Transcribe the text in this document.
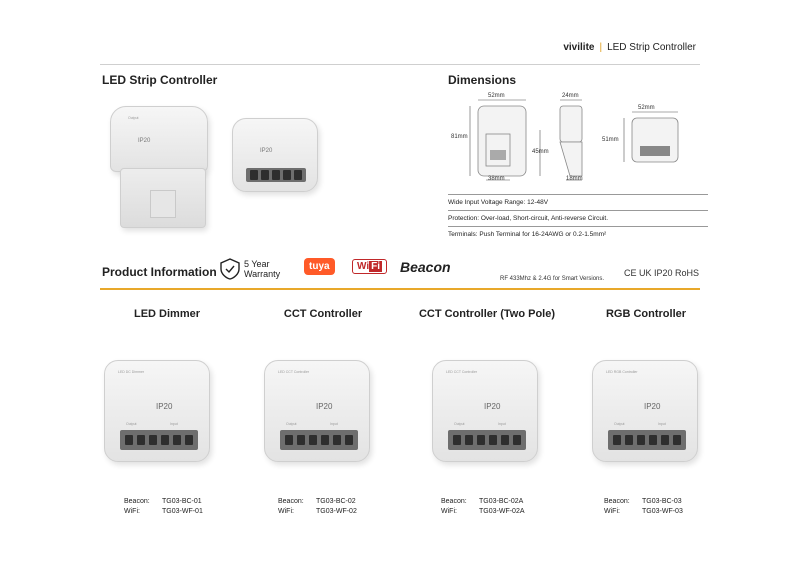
vivilite | LED Strip Controller
LED Strip Controller
Output
IP20
IP20
Dimensions
52mm	24mm
81mm
45mm
38mm	18mm
52mm
51mm
Wide Input Voltage Range: 12-48V
Protection: Over-load, Short-circuit, Anti-reverse Circuit.
Terminals: Push Terminal for 16-24AWG or 0.2-1.5mm²
Product Information
5 Year
Warranty
tuya	Wi Fi	Beacon
RF 433Mhz & 2.4G for Smart Versions.
CE UK IP20 RoHS
LED Dimmer	CCT Controller	CCT Controller (Two Pole)	RGB Controller
LED DC Dimmer
IP20
Output	Input
LED CCT Controller
IP20
Output	Input
LED CCT Controller
IP20
Output	Input
LED RGB Controller
IP20
Output	Input
Beacon: TG03-BC-01
WiFi:	TG03-WF-01
Beacon: TG03-BC-02
WiFi:	TG03-WF-02
Beacon: TG03-BC-02A
WiFi:	TG03-WF-02A
Beacon: TG03-BC-03
WiFi:	TG03-WF-03
